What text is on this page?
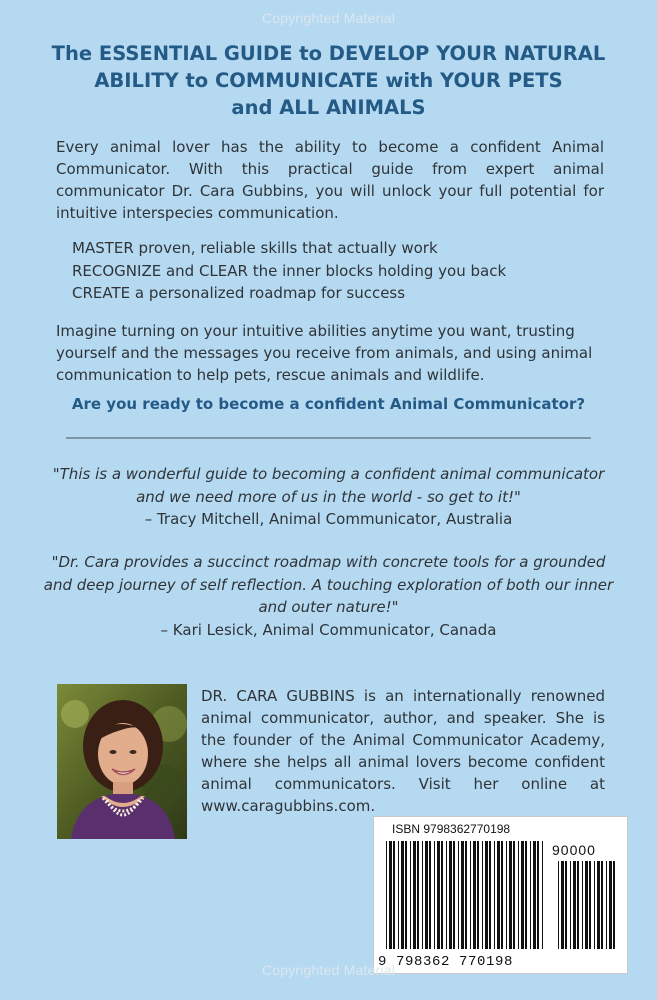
Copyrighted Material
The ESSENTIAL GUIDE to DEVELOP YOUR NATURAL
ABILITY to COMMUNICATE with YOUR PETS
and ALL ANIMALS

Every animal lover has the ability to become a confident Animal Communicator. With this practical guide from expert animal communicator Dr. Cara Gubbins, you will unlock your full potential for intuitive interspecies communication.

MASTER proven, reliable skills that actually work
RECOGNIZE and CLEAR the inner blocks holding you back
CREATE a personalized roadmap for success

Imagine turning on your intuitive abilities anytime you want, trusting yourself and the messages you receive from animals, and using animal communication to help pets, rescue animals and wildlife.

Are you ready to become a confident Animal Communicator?

"This is a wonderful guide to becoming a confident animal communicator and we need more of us in the world - so get to it!"
– Tracy Mitchell, Animal Communicator, Australia
"Dr. Cara provides a succinct roadmap with concrete tools for a grounded and deep journey of self reflection. A touching exploration of both our inner and outer nature!"
– Kari Lesick, Animal Communicator, Canada

DR. CARA GUBBINS is an internationally renowned animal communicator, author, and speaker. She is the founder of the Animal Communicator Academy, where she helps all animal lovers become confident animal communicators. Visit her online at www.caragubbins.com.

ISBN 9798362770198
90000
9 798362 770198
Copyrighted Material
